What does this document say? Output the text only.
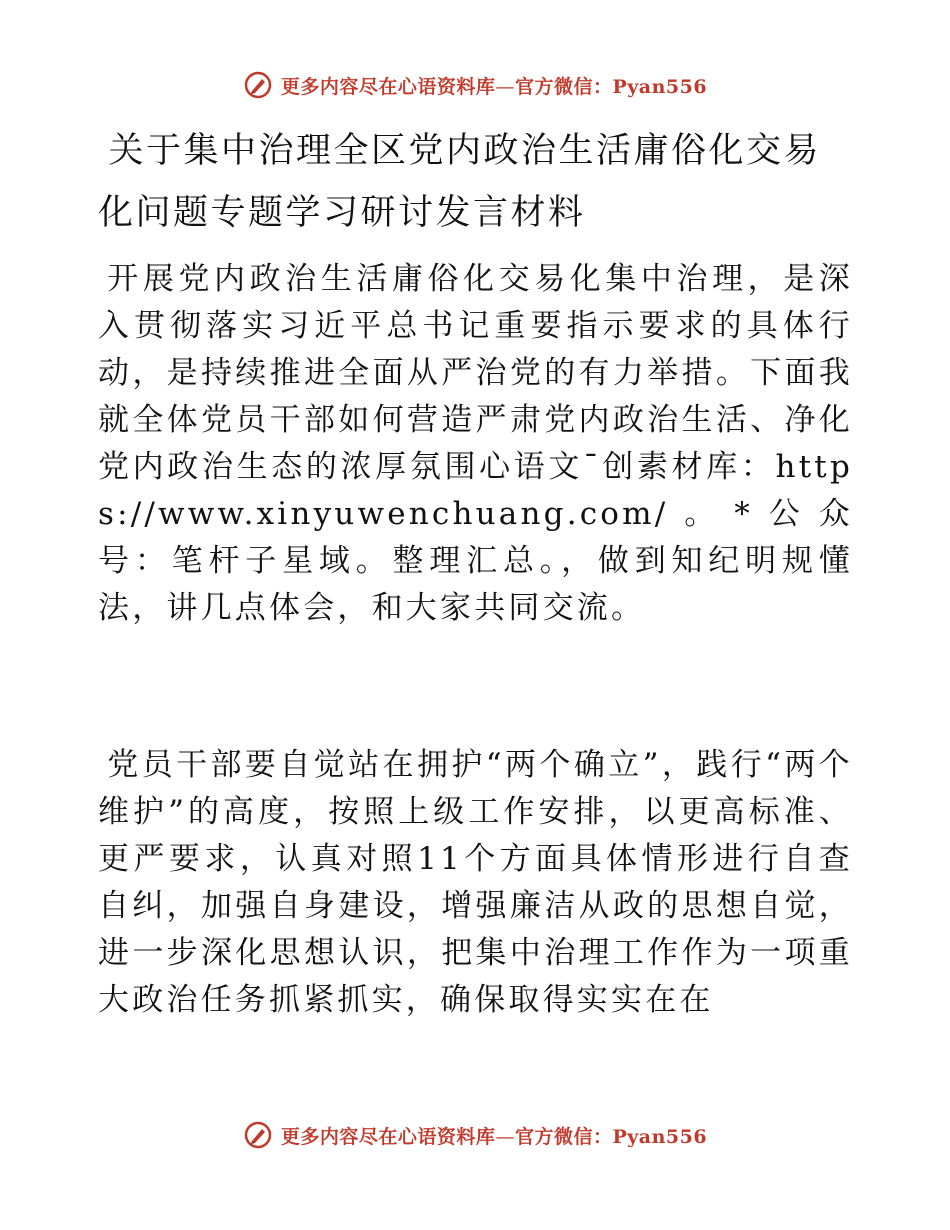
更多内容尽在心语资料库—官方微信：Pyan556
关于集中治理全区党内政治生活庸俗化交易化问题专题学习研讨发言材料

开展党内政治生活庸俗化交易化集中治理，是深入贯彻落实习近平总书记重要指示要求的具体行动，是持续推进全面从严治党的有力举措。下面我就全体党员干部如何营造严肃党内政治生活、净化党内政治生态的浓厚氛围心语文¯创素材库：https://www.xinyuwenchuang.com/。*公众号：笔杆子星域。整理汇总。，做到知纪明规懂法，讲几点体会，和大家共同交流。

党员干部要自觉站在拥护“两个确立”，践行“两个维护”的高度，按照上级工作安排，以更高标准、更严要求，认真对照11个方面具体情形进行自查自纠，加强自身建设，增强廉洁从政的思想自觉，进一步深化思想认识，把集中治理工作作为一项重大政治任务抓紧抓实，确保取得实实在在

更多内容尽在心语资料库—官方微信：Pyan556
